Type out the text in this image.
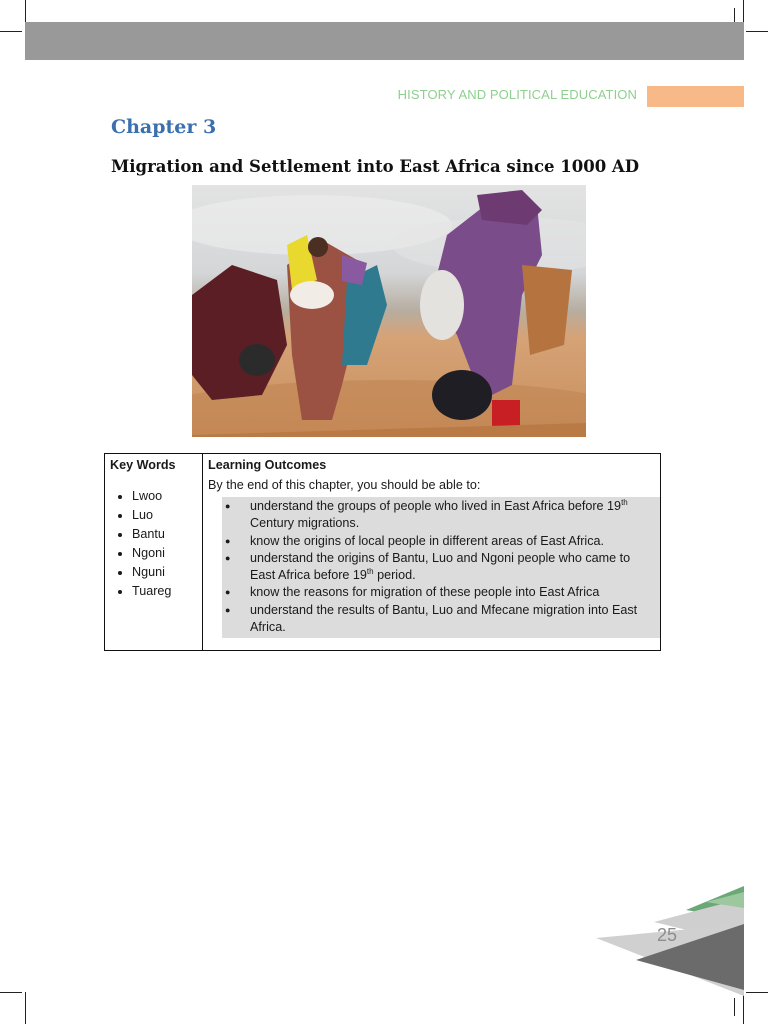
HISTORY AND POLITICAL EDUCATION
Chapter 3
Migration and Settlement into East Africa since 1000 AD
Key Words
• Lwoo
• Luo
• Bantu
• Ngoni
• Nguni
• Tuareg

Learning Outcomes
By the end of this chapter, you should be able to:
● understand the groups of people who lived in East Africa before 19th Century migrations.
● know the origins of local people in different areas of East Africa.
● understand the origins of Bantu, Luo and Ngoni people who came to East Africa before 19th period.
● know the reasons for migration of these people into East Africa
● understand the results of Bantu, Luo and Mfecane migration into East Africa.
25
